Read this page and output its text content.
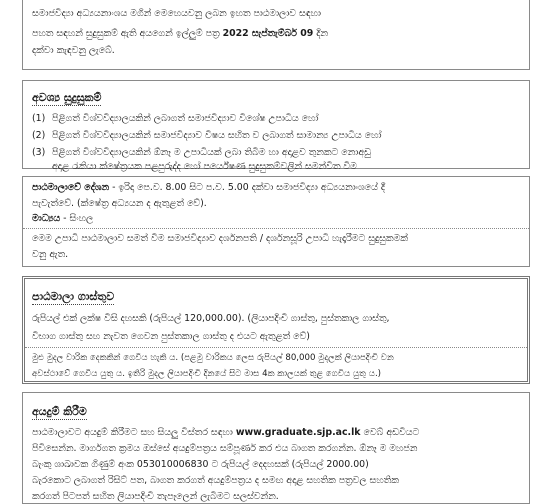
සමාජවිද්‍යා අධ්‍යයනාංශය මගින් මෙහෙයවනු ලබන ඉහත පාඨමාලාව සඳහා
පහත සඳහන් සුදුසුකම් ඇති අයගෙන් ඉල්ලුම් පත්‍ර 2022 සැප්තැම්බර් 09 දින
දක්වා කැඳවනු ලැබේ.
අවශ්‍ය සුදුසුකම්
(1) පිළිගත් විශ්වවිද්‍යාලයකින් ලබාගත් සමාජවිද්‍යාව විශේෂ උපාධිය හෝ
(2) පිළිගත් විශ්වවිද්‍යාලයකින් සමාජවිද්‍යාව විෂය සහිත ව ලබාගත් සාමාන්‍ය උපාධිය හෝ
(3) පිළිගත් විශ්වවිද්‍යාලයකින් ඕනෑ ම උපාධියක් ලබා තිබීම හා අදාළව තුනකට නොඅඩු
අදාළ රැකියා ක්ෂේත්‍රයක පළපුරුද්ද හෝ පර්යේෂණ සුදුසුකම්වලින් සමන්විත වීම
පාඨමාලාවේ දේශන - ඉරිදා පෙ.ව. 8.00 සිට ප.ව. 5.00 දක්වා සමාජවිද්‍යා අධ්‍යයනාංශයේ දී
පැවැත්වේ. (ක්ෂේත්‍ර අධ්‍යයන ද ඇතුළත් වේ).
මාධ්‍යය - සිංහල
මෙම උපාධි පාඨමාලාව සමත් වීම සමාජවිද්‍යාව දර්ශනපති / දර්ශනසූරි උපාධි හැදෑරීමට සුදුසුකමක්
වනු ඇත.
පාඨමාලා ගාස්තුව
රුපියල් එක් ලක්ෂ විසි දහසකි (රුපියල් 120,000.00). (ලියාපදිංචි ගාස්තු, පුස්තකාල ගාස්තු,
විභාග ගාස්තු සහ නැවත ගෙවන පුස්තකාල ගාස්තු ද එයට ඇතුළත් වේ)
මුළු මුදල වාරික දෙකකින් ගෙවිය හැකි ය. (පළමු වාරිකය ලෙස රුපියල් 80,000 මුදලක් ලියාපදිංචි වන
අවස්ථාවේ ගෙවිය යුතු ය. ඉතිරි මුදල ලියාපදිංචි දිනයේ සිට මාස 4ක කාලයක් තුළ ගෙවිය යුතු ය.)
අයදුම් කිරීම
පාඨමාලාවට අයදුම් කිරීමට සහ සියලු විස්තර සඳහා www.graduate.sjp.ac.lk වෙබ් අඩවියට
පිවිසෙන්න. මාර්ගගත ක්‍රමය ඔස්සේ අයදුම්පත්‍රය සම්පූර්ණ කර එය බාගත කරගන්න. ඕනෑ ම මහජන
බැංකු ශාඛාවක ගිණුම් අංක 053010006830 ට රුපියල් දෙදහසක් (රුපියල් 2000.00)
බැරකොට ලබාගත් රිසිට් පත, බාගත කරගත් අයදුම්පත්‍රය ද සමඟ අදාළ සහතික පත්‍රවල සහතික
කරගත් පිටපත් සහිත ලියාපදිංචි තැපෑලෙන් ලැබීමට සලස්වන්න.
